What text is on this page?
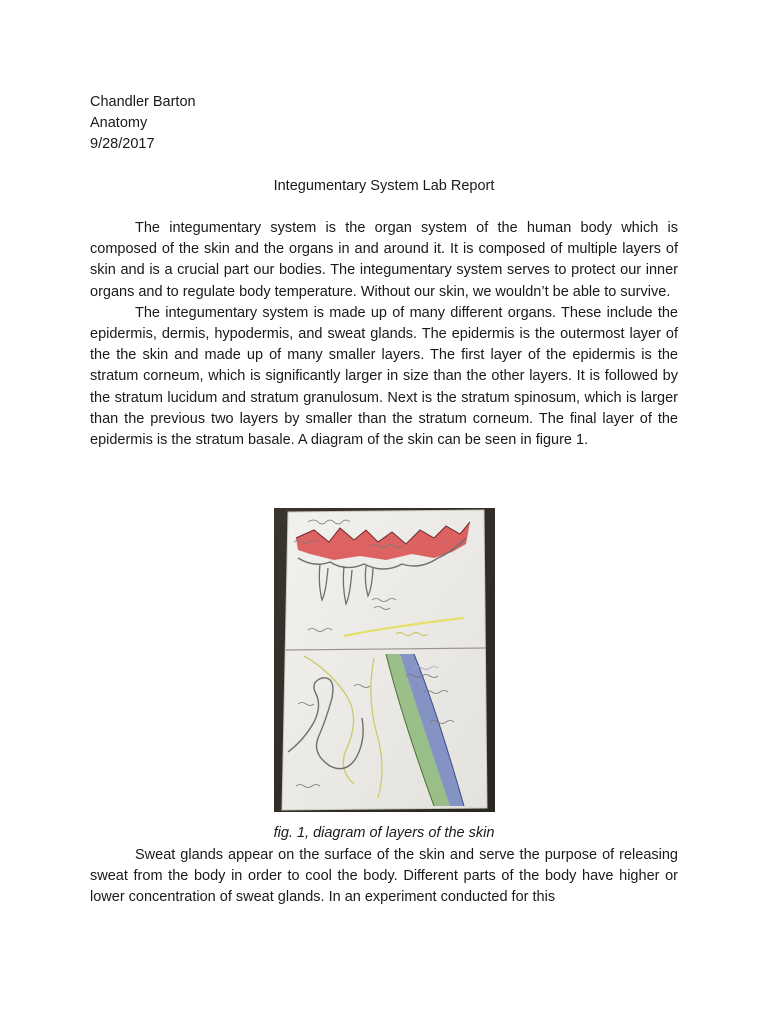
Chandler Barton

Anatomy

9/28/2017

Integumentary System Lab Report

The integumentary system is the organ system of the human body which is composed of the skin and the organs in and around it. It is composed of multiple layers of skin and is a crucial part our bodies. The integumentary system serves to protect our inner organs and to regulate body temperature. Without our skin, we wouldn’t be able to survive.

The integumentary system is made up of many different organs. These include the epidermis, dermis, hypodermis, and sweat glands. The epidermis is the outermost layer of the the skin and made up of many smaller layers. The first layer of the epidermis is the stratum corneum, which is significantly larger in size than the other layers. It is followed by the stratum lucidum and stratum granulosum. Next is the stratum spinosum, which is larger than the previous two layers by smaller than the stratum corneum. The final layer of the epidermis is the stratum basale. A diagram of the skin can be seen in figure 1.

fig. 1, diagram of layers of the skin

Sweat glands appear on the surface of the skin and serve the purpose of releasing sweat from the body in order to cool the body. Different parts of the body have higher or lower concentration of sweat glands. In an experiment conducted for this
